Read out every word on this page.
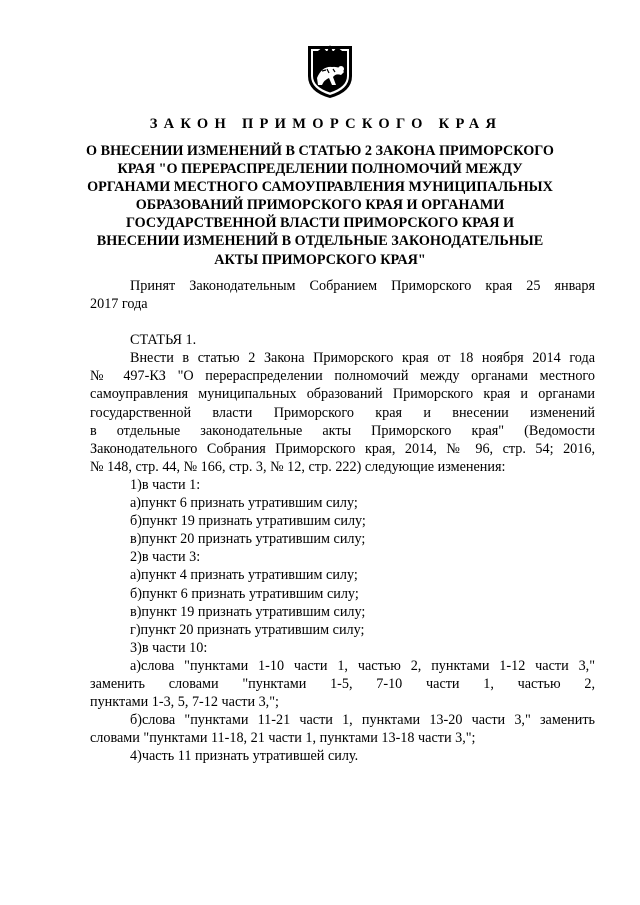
ЗАКОН ПРИМОРСКОГО КРАЯ

О ВНЕСЕНИИ ИЗМЕНЕНИЙ В СТАТЬЮ 2 ЗАКОНА ПРИМОРСКОГО

КРАЯ "О ПЕРЕРАСПРЕДЕЛЕНИИ ПОЛНОМОЧИЙ МЕЖДУ

ОРГАНАМИ МЕСТНОГО САМОУПРАВЛЕНИЯ МУНИЦИПАЛЬНЫХ

ОБРАЗОВАНИЙ ПРИМОРСКОГО КРАЯ И ОРГАНАМИ

ГОСУДАРСТВЕННОЙ ВЛАСТИ ПРИМОРСКОГО КРАЯ И

ВНЕСЕНИИ ИЗМЕНЕНИЙ В ОТДЕЛЬНЫЕ ЗАКОНОДАТЕЛЬНЫЕ

АКТЫ ПРИМОРСКОГО КРАЯ"

Принят Законодательным Собранием Приморского края 25 января

2017 года

СТАТЬЯ 1.

Внести в статью 2 Закона Приморского края от 18 ноября 2014 года

№ 497-КЗ "О перераспределении полномочий между органами местного

самоуправления муниципальных образований Приморского края и органами

государственной власти Приморского края и внесении изменений

в отдельные законодательные акты Приморского края" (Ведомости

Законодательного Собрания Приморского края, 2014, № 96, стр. 54; 2016,

№ 148, стр. 44, № 166, стр. 3, № 12, стр. 222) следующие изменения:

1)в части 1:

а)пункт 6 признать утратившим силу;

б)пункт 19 признать утратившим силу;

в)пункт 20 признать утратившим силу;

2)в части 3:

а)пункт 4 признать утратившим силу;

б)пункт 6 признать утратившим силу;

в)пункт 19 признать утратившим силу;

г)пункт 20 признать утратившим силу;

3)в части 10:

а)слова "пунктами 1-10 части 1, частью 2, пунктами 1-12 части 3,"

заменить словами "пунктами 1-5, 7-10 части 1, частью 2,

пунктами 1-3, 5, 7-12 части 3,";

б)слова "пунктами 11-21 части 1, пунктами 13-20 части 3," заменить

словами "пунктами 11-18, 21 части 1, пунктами 13-18 части 3,";

4)часть 11 признать утратившей силу.
